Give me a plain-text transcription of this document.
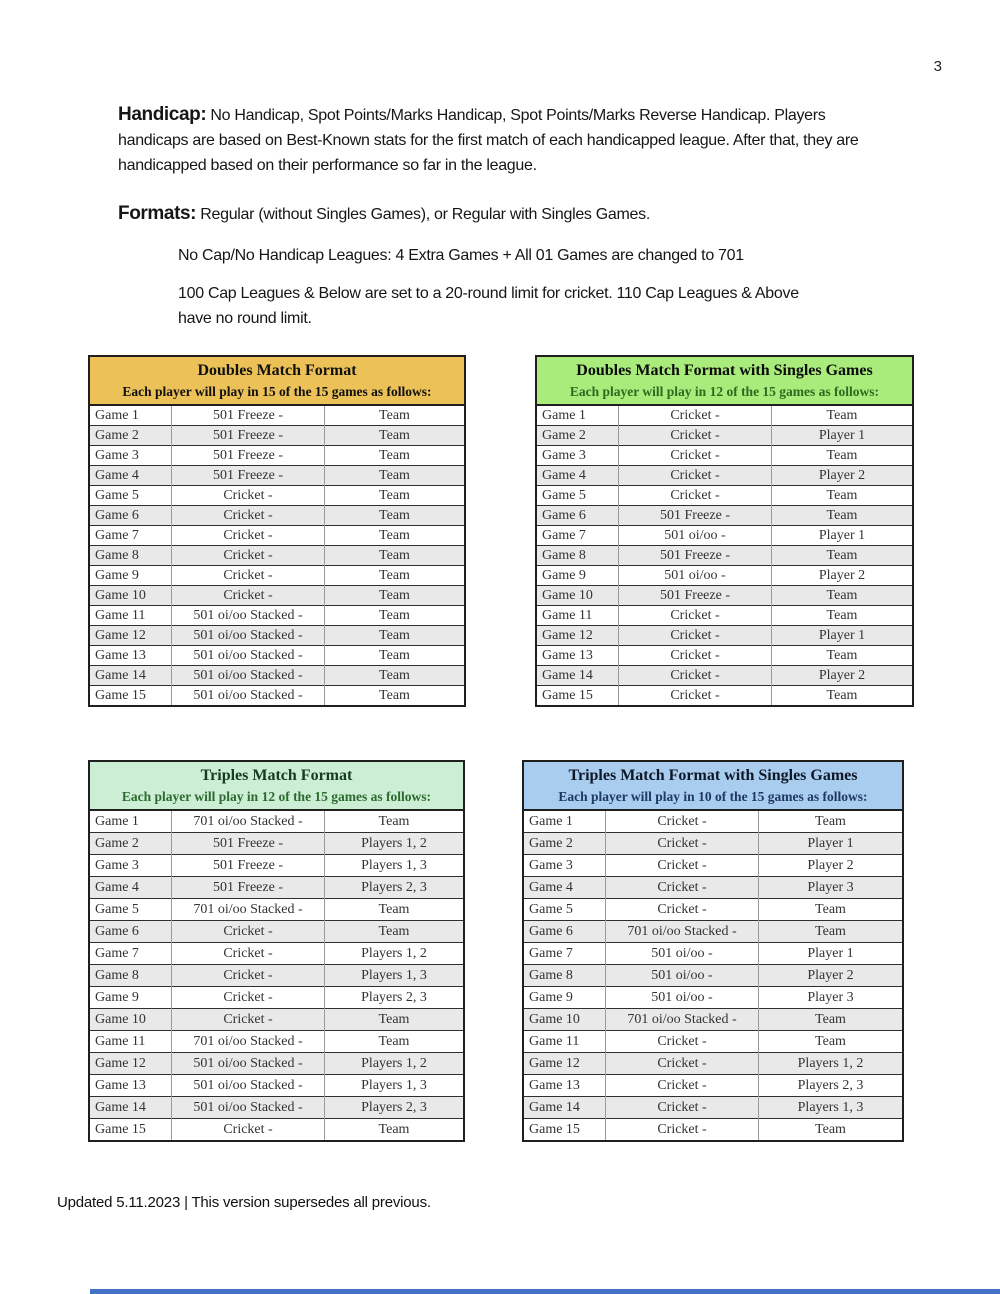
3
Handicap: No Handicap, Spot Points/Marks Handicap, Spot Points/Marks Reverse Handicap. Players handicaps are based on Best-Known stats for the first match of each handicapped league. After that, they are handicapped based on their performance so far in the league.
Formats: Regular (without Singles Games), or Regular with Singles Games.
No Cap/No Handicap Leagues: 4 Extra Games + All 01 Games are changed to 701
100 Cap Leagues & Below are set to a 20-round limit for cricket. 110 Cap Leagues & Above have no round limit.
Doubles Match Format
Each player will play in 15 of the 15 games as follows:
Game 1	501 Freeze -	Team
Game 2	501 Freeze -	Team
Game 3	501 Freeze -	Team
Game 4	501 Freeze -	Team
Game 5	Cricket -	Team
Game 6	Cricket -	Team
Game 7	Cricket -	Team
Game 8	Cricket -	Team
Game 9	Cricket -	Team
Game 10	Cricket -	Team
Game 11	501 oi/oo Stacked -	Team
Game 12	501 oi/oo Stacked -	Team
Game 13	501 oi/oo Stacked -	Team
Game 14	501 oi/oo Stacked -	Team
Game 15	501 oi/oo Stacked -	Team
Doubles Match Format with Singles Games
Each player will play in 12 of the 15 games as follows:
Game 1	Cricket -	Team
Game 2	Cricket -	Player 1
Game 3	Cricket -	Team
Game 4	Cricket -	Player 2
Game 5	Cricket -	Team
Game 6	501 Freeze -	Team
Game 7	501 oi/oo -	Player 1
Game 8	501 Freeze -	Team
Game 9	501 oi/oo -	Player 2
Game 10	501 Freeze -	Team
Game 11	Cricket -	Team
Game 12	Cricket -	Player 1
Game 13	Cricket -	Team
Game 14	Cricket -	Player 2
Game 15	Cricket -	Team
Triples Match Format
Each player will play in 12 of the 15 games as follows:
Game 1	701 oi/oo Stacked -	Team
Game 2	501 Freeze -	Players 1, 2
Game 3	501 Freeze -	Players 1, 3
Game 4	501 Freeze -	Players 2, 3
Game 5	701 oi/oo Stacked -	Team
Game 6	Cricket -	Team
Game 7	Cricket -	Players 1, 2
Game 8	Cricket -	Players 1, 3
Game 9	Cricket -	Players 2, 3
Game 10	Cricket -	Team
Game 11	701 oi/oo Stacked -	Team
Game 12	501 oi/oo Stacked -	Players 1, 2
Game 13	501 oi/oo Stacked -	Players 1, 3
Game 14	501 oi/oo Stacked -	Players 2, 3
Game 15	Cricket -	Team
Triples Match Format with Singles Games
Each player will play in 10 of the 15 games as follows:
Game 1	Cricket -	Team
Game 2	Cricket -	Player 1
Game 3	Cricket -	Player 2
Game 4	Cricket -	Player 3
Game 5	Cricket -	Team
Game 6	701 oi/oo Stacked -	Team
Game 7	501 oi/oo -	Player 1
Game 8	501 oi/oo -	Player 2
Game 9	501 oi/oo -	Player 3
Game 10	701 oi/oo Stacked -	Team
Game 11	Cricket -	Team
Game 12	Cricket -	Players 1, 2
Game 13	Cricket -	Players 2, 3
Game 14	Cricket -	Players 1, 3
Game 15	Cricket -	Team
Updated 5.11.2023 | This version supersedes all previous.
